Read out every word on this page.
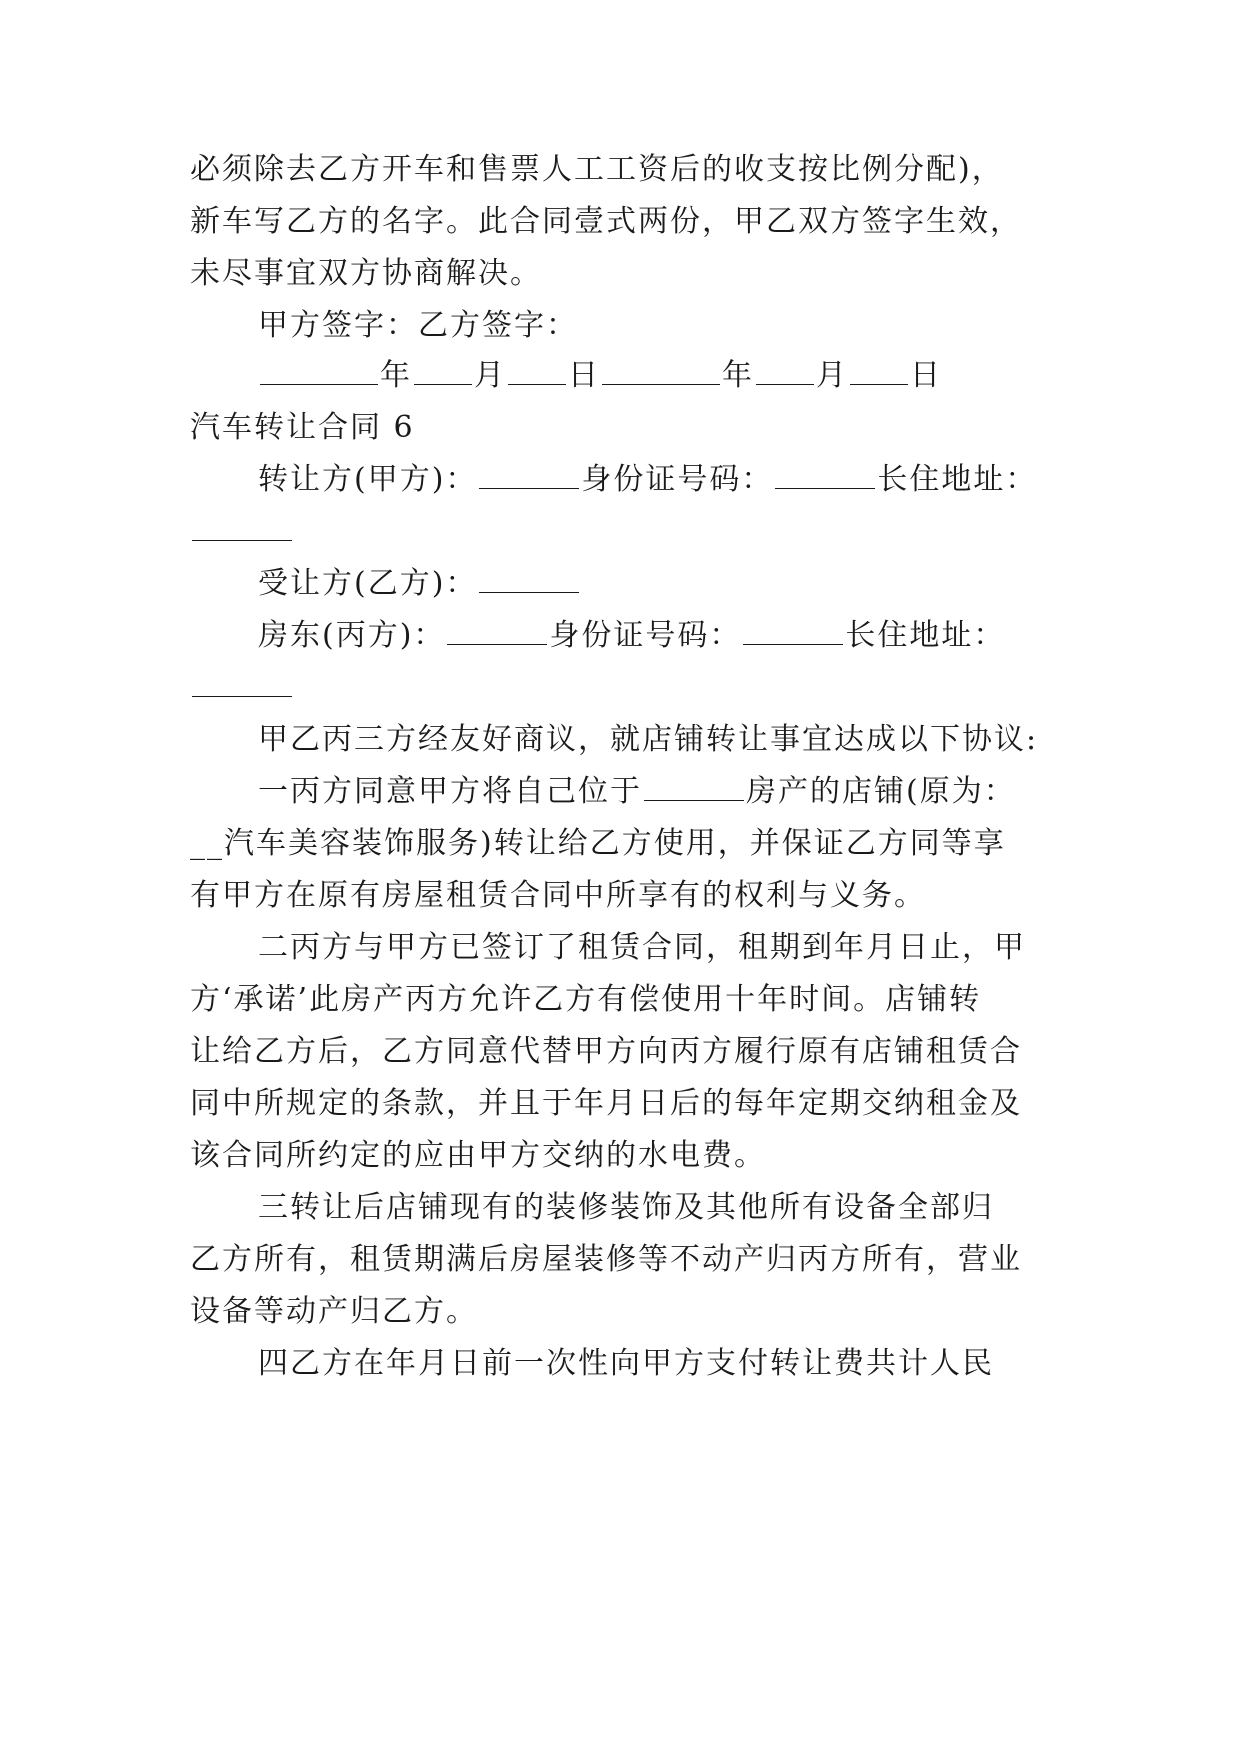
必须除去乙方开车和售票人工工资后的收支按比例分配)，
新车写乙方的名字。此合同壹式两份，甲乙双方签字生效，
未尽事宜双方协商解决。
甲方签字：乙方签字：
年 月 日	年 月 日
汽车转让合同 6
转让方(甲方)：	身份证号码：	长住地址：
受让方(乙方)：
房东(丙方)：	身份证号码：	长住地址：
甲乙丙三方经友好商议，就店铺转让事宜达成以下协议:
一丙方同意甲方将自己位于	房产的店铺(原为：
__汽车美容装饰服务)转让给乙方使用，并保证乙方同等享
有甲方在原有房屋租赁合同中所享有的权利与义务。
二丙方与甲方已签订了租赁合同，租期到年月日止，甲
方‘承诺’此房产丙方允许乙方有偿使用十年时间。店铺转
让给乙方后，乙方同意代替甲方向丙方履行原有店铺租赁合
同中所规定的条款，并且于年月日后的每年定期交纳租金及
该合同所约定的应由甲方交纳的水电费。
三转让后店铺现有的装修装饰及其他所有设备全部归
乙方所有，租赁期满后房屋装修等不动产归丙方所有，营业
设备等动产归乙方。
四乙方在年月日前一次性向甲方支付转让费共计人民
